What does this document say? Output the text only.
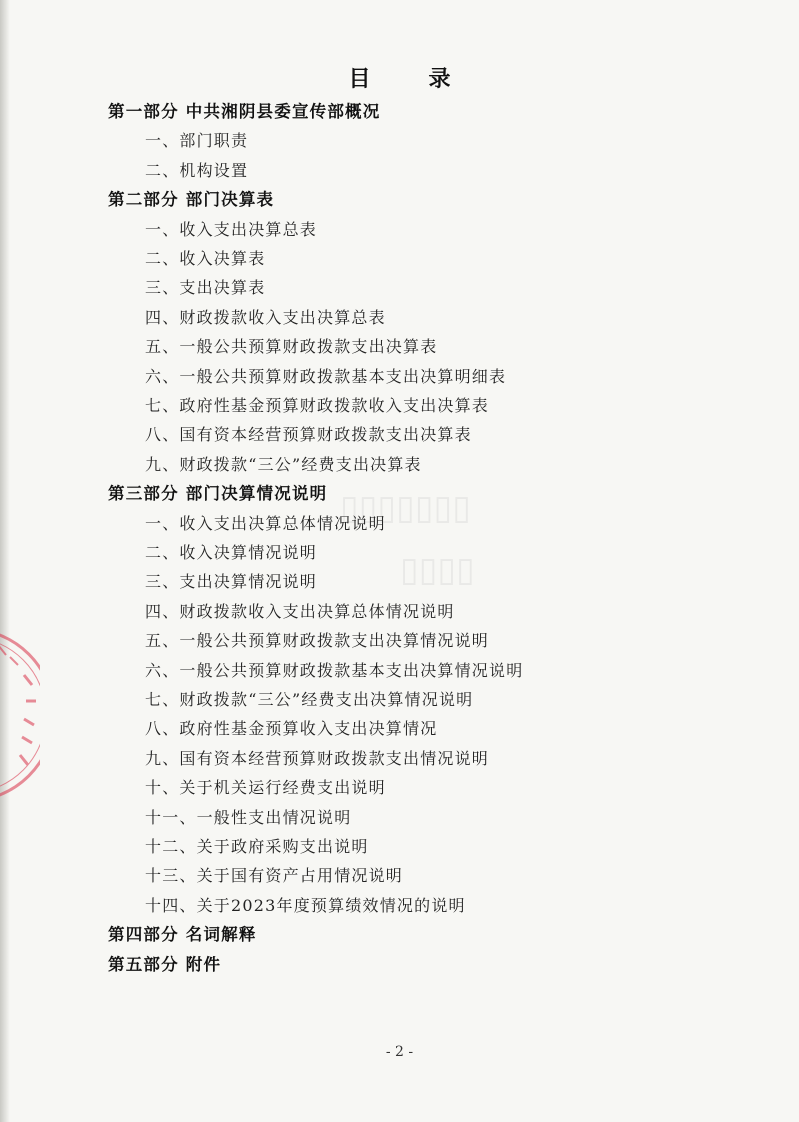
▯▯▯▯▯▯▯
▯▯▯▯
目　录
第一部分 中共湘阴县委宣传部概况
一、部门职责
二、机构设置
第二部分 部门决算表
一、收入支出决算总表
二、收入决算表
三、支出决算表
四、财政拨款收入支出决算总表
五、一般公共预算财政拨款支出决算表
六、一般公共预算财政拨款基本支出决算明细表
七、政府性基金预算财政拨款收入支出决算表
八、国有资本经营预算财政拨款支出决算表
九、财政拨款“三公”经费支出决算表
第三部分 部门决算情况说明
一、收入支出决算总体情况说明
二、收入决算情况说明
三、支出决算情况说明
四、财政拨款收入支出决算总体情况说明
五、一般公共预算财政拨款支出决算情况说明
六、一般公共预算财政拨款基本支出决算情况说明
七、财政拨款“三公”经费支出决算情况说明
八、政府性基金预算收入支出决算情况
九、国有资本经营预算财政拨款支出情况说明
十、关于机关运行经费支出说明
十一、一般性支出情况说明
十二、关于政府采购支出说明
十三、关于国有资产占用情况说明
十四、关于2023年度预算绩效情况的说明
第四部分 名词解释
第五部分 附件
- 2 -
